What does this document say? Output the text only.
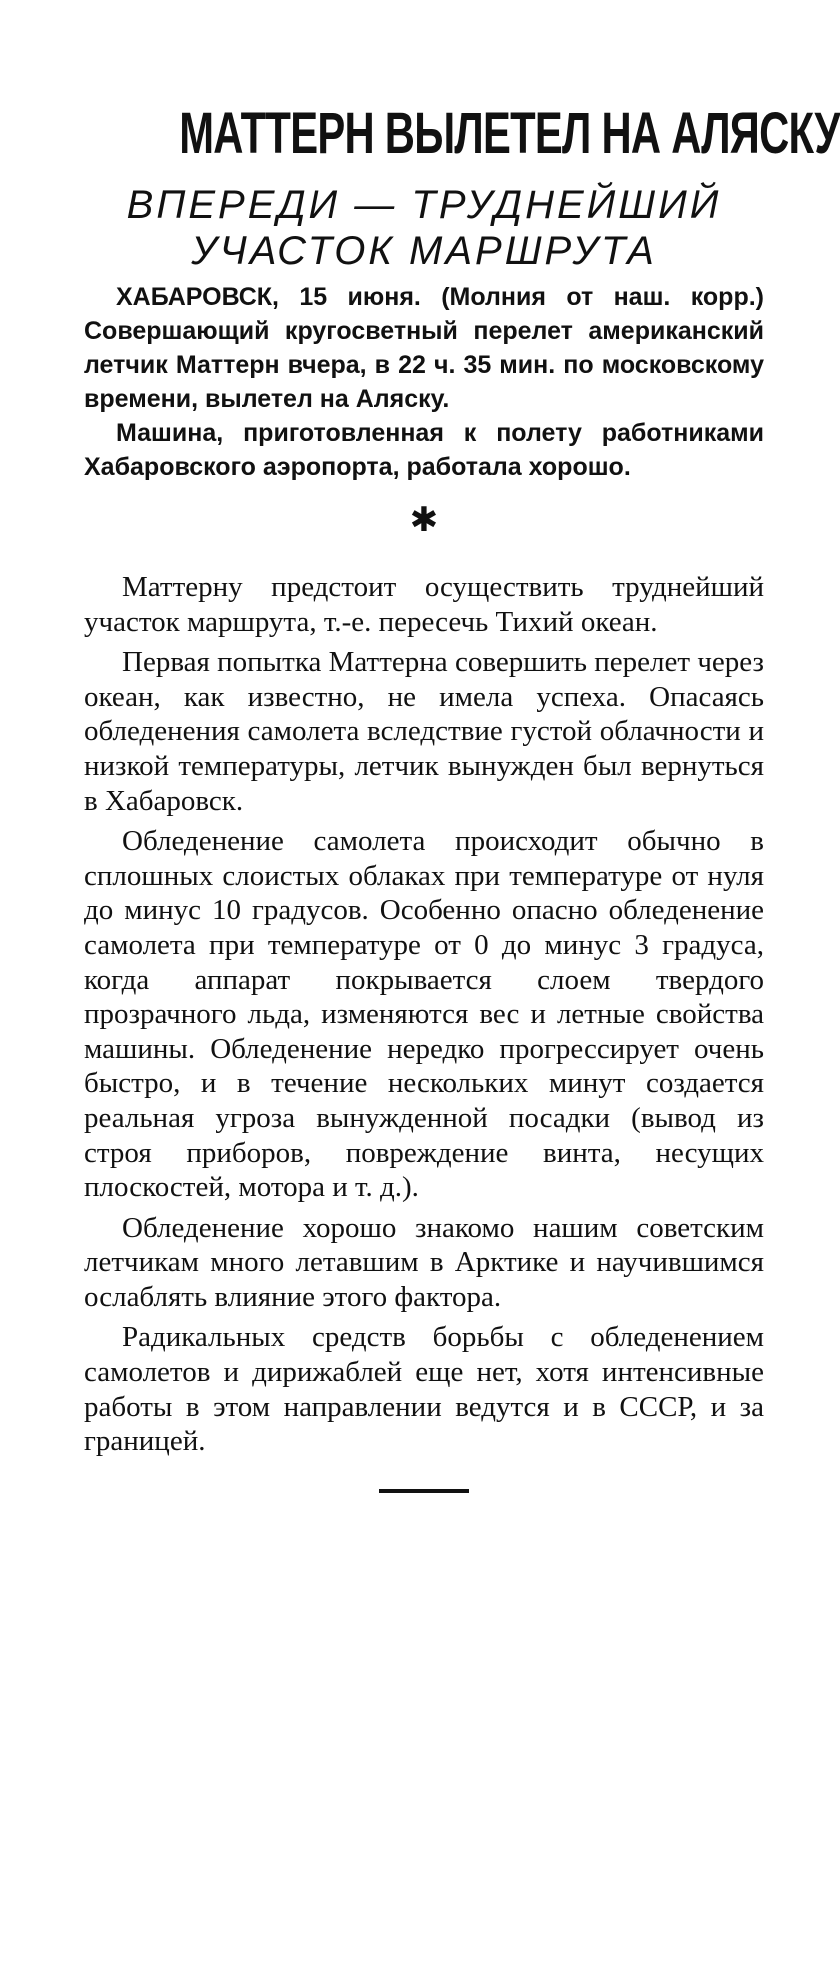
МАТТЕРН ВЫЛЕТЕЛ НА АЛЯСКУ
ВПЕРЕДИ — ТРУДНЕЙШИЙ
УЧАСТОК МАРШРУТА

ХАБАРОВСК, 15 июня. (Молния от наш. корр.) Совершающий кругосветный перелет американский летчик Маттерн вчера, в 22 ч. 35 мин. по московскому времени, вылетел на Аляску.

Машина, приготовленная к полету работниками Хабаровского аэропорта, работала хорошо.

✱

Маттерну предстоит осуществить труднейший участок маршрута, т.-е. пересечь Тихий океан.

Первая попытка Маттерна совершить перелет через океан, как известно, не имела успеха. Опасаясь обледенения самолета вследствие густой облачности и низкой температуры, летчик вынужден был вернуться в Хабаровск.

Обледенение самолета происходит обычно в сплошных слоистых облаках при температуре от нуля до минус 10 градусов. Особенно опасно обледенение самолета при температуре от 0 до минус 3 градуса, когда аппарат покрывается слоем твердого прозрачного льда, изменяются вес и летные свойства машины. Обледенение нередко прогрессирует очень быстро, и в течение нескольких минут создается реальная угроза вынужденной посадки (вывод из строя приборов, повреждение винта, несущих плоскостей, мотора и т. д.).

Обледенение хорошо знакомо нашим советским летчикам много летавшим в Арктике и научившимся ослаблять влияние этого фактора.

Радикальных средств борьбы с обледенением самолетов и дирижаблей еще нет, хотя интенсивные работы в этом направлении ведутся и в СССР, и за границей.
